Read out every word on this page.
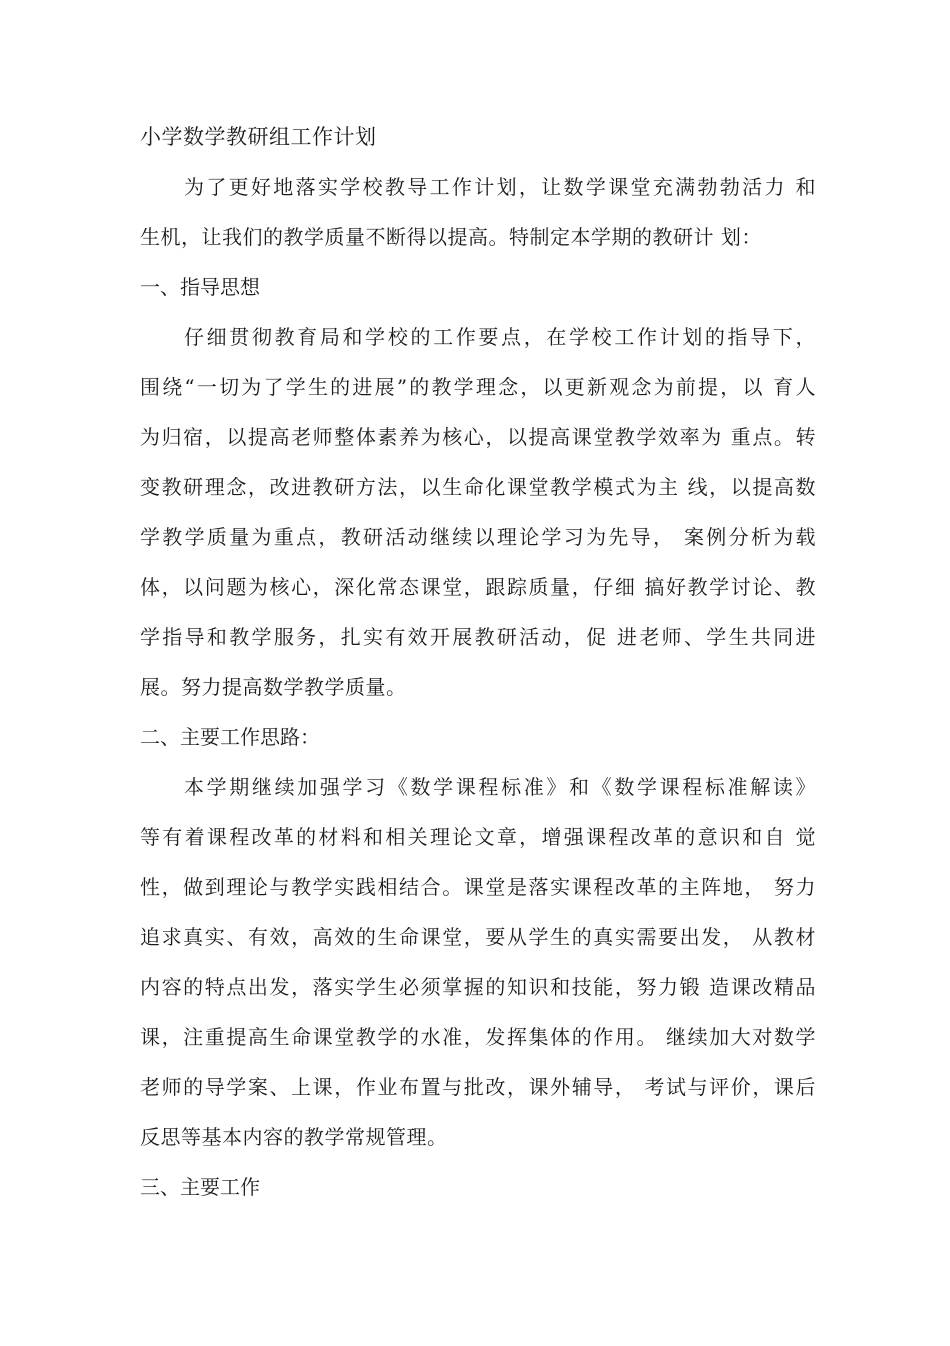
小学数学教研组工作计划

为了更好地落实学校教导工作计划，让数学课堂充满勃勃活力 和

生机，让我们的教学质量不断得以提高。特制定本学期的教研计 划：

一、指导思想

仔细贯彻教育局和学校的工作要点，在学校工作计划的指导下，

围绕“一切为了学生的进展”的教学理念，以更新观念为前提，以 育人

为归宿，以提高老师整体素养为核心，以提高课堂教学效率为 重点。转

变教研理念，改进教研方法，以生命化课堂教学模式为主 线，以提高数

学教学质量为重点，教研活动继续以理论学习为先导， 案例分析为载

体，以问题为核心，深化常态课堂，跟踪质量，仔细 搞好教学讨论、教

学指导和教学服务，扎实有效开展教研活动，促 进老师、学生共同进

展。努力提高数学教学质量。

二、主要工作思路：

本学期继续加强学习《数学课程标准》和《数学课程标准解读》

等有着课程改革的材料和相关理论文章，增强课程改革的意识和自 觉

性，做到理论与教学实践相结合。课堂是落实课程改革的主阵地， 努力

追求真实、有效，高效的生命课堂，要从学生的真实需要出发， 从教材

内容的特点出发，落实学生必须掌握的知识和技能，努力锻 造课改精品

课，注重提高生命课堂教学的水准，发挥集体的作用。 继续加大对数学

老师的导学案、上课，作业布置与批改，课外辅导， 考试与评价，课后

反思等基本内容的教学常规管理。

三、主要工作
